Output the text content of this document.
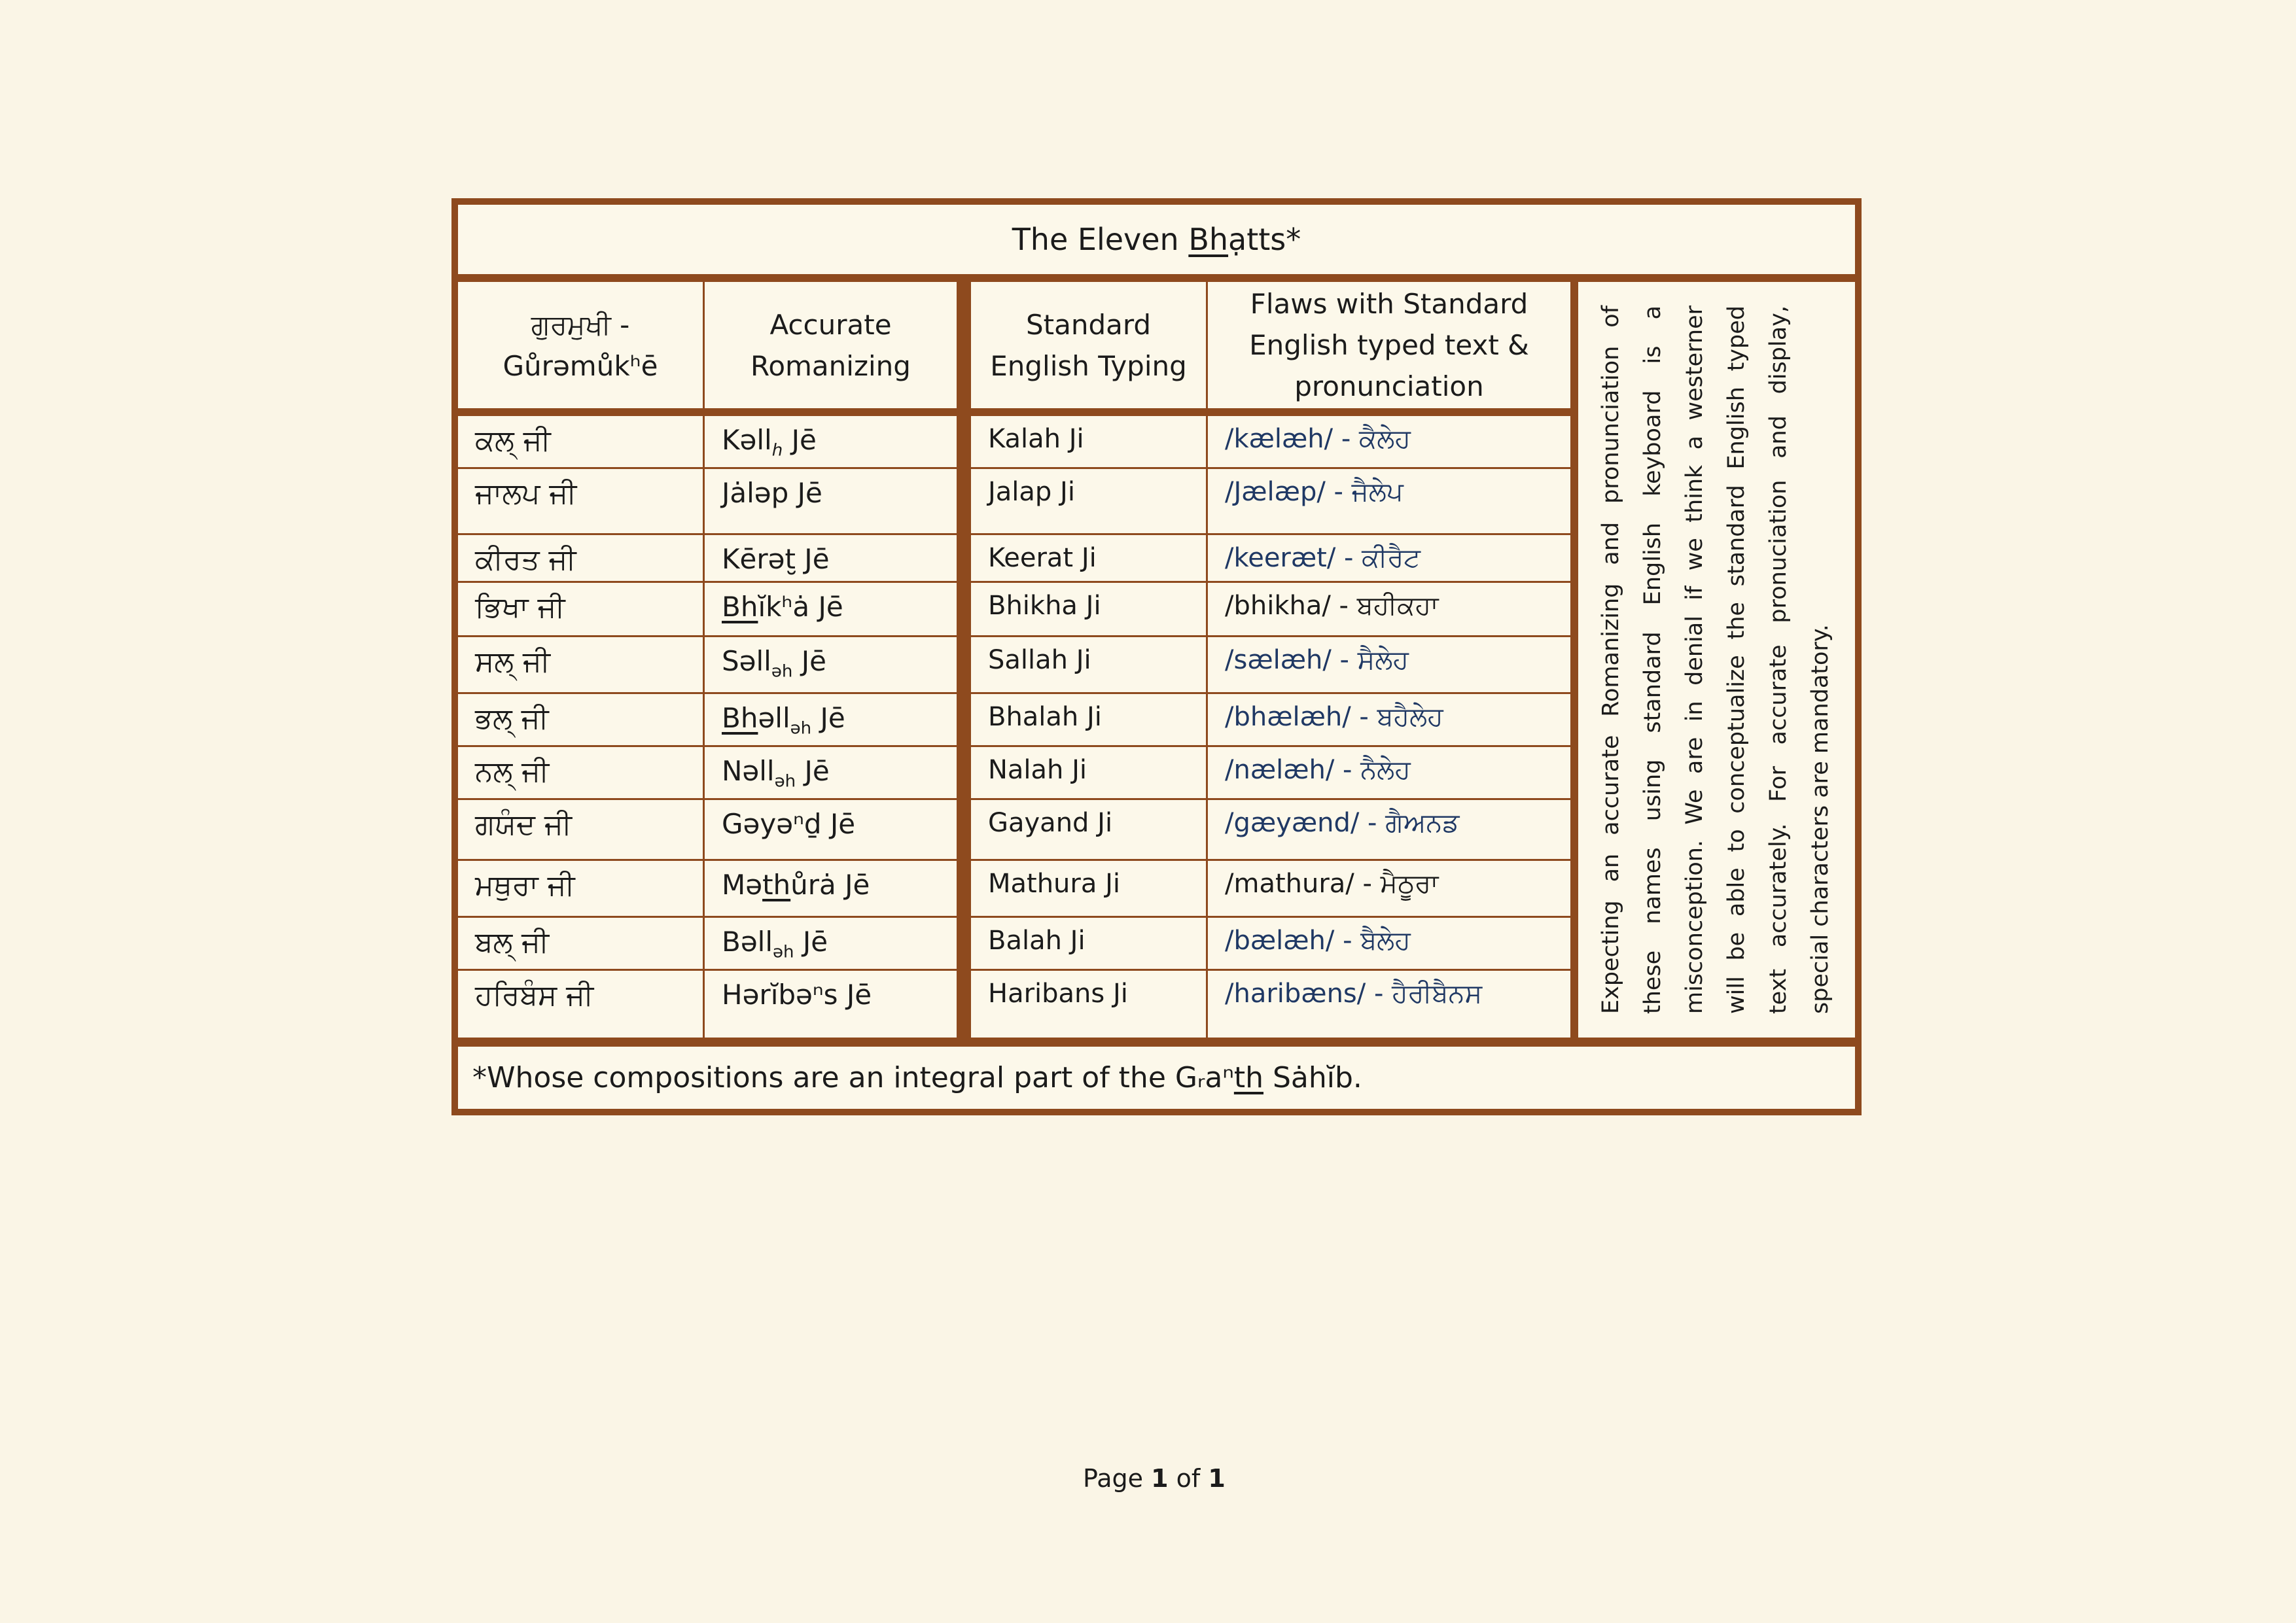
The Eleven Bhạtts*
ਗੁਰਮੁਖੀ -
Gůrəmůkʰē
ਕਲ੍ ਜੀ
ਜਾਲਪ ਜੀ
ਕੀਰਤ ਜੀ
ਭਿਖਾ ਜੀ
ਸਲ੍ ਜੀ
ਭਲ੍ ਜੀ
ਨਲ੍ ਜੀ
ਗਯੰਦ ਜੀ
ਮਥੁਰਾ ਜੀ
ਬਲ੍ ਜੀ
ਹਰਿਬੰਸ ਜੀ
Accurate Romanizing
Kəll$_h$ Jē
Jȧləp Jē
Kērət̮ Jē
Bhĭkʰȧ Jē
Səll$_{əh}$ Jē
Bhəll$_{əh}$ Jē
Nəll$_{əh}$ Jē
Gəyəⁿḏ Jē
Məthůrȧ Jē
Bəll$_{əh}$ Jē
Hərĭbəⁿs Jē
Standard English Typing
Kalah Ji
Jalap Ji
Keerat Ji
Bhikha Ji
Sallah Ji
Bhalah Ji
Nalah Ji
Gayand Ji
Mathura Ji
Balah Ji
Haribans Ji
Flaws with Standard English typed text & pronunciation
/kælæh/ - ਕੈਲੇਹ
/Jælæp/ - ਜੈਲੇਪ
/keeræt/ - ਕੀਰੈਟ
/bhikha/ - ਬਹੀਕਹਾ
/sælæh/ - ਸੈਲੇਹ
/bhælæh/ - ਬਹੈਲੇਹ
/nælæh/ - ਨੈਲੇਹ
/gæyænd/ - ਗੈਅਨਡ
/mathura/ - ਮੈਠੂਰਾ
/bælæh/ - ਬੈਲੇਹ
/haribæns/ - ਹੈਰੀਬੈਨਸ	Expecting an accurate Romanizing and pronunciation of these names using standard English keyboard is a misconception. We are in denial if we think a westerner will be able to conceptualize the standard English typed text accurately. For accurate pronuciation and display, special characters are mandatory.
*Whose compositions are an integral part of the Gᵣaⁿth Sȧhĭb.
Page 1 of 1
